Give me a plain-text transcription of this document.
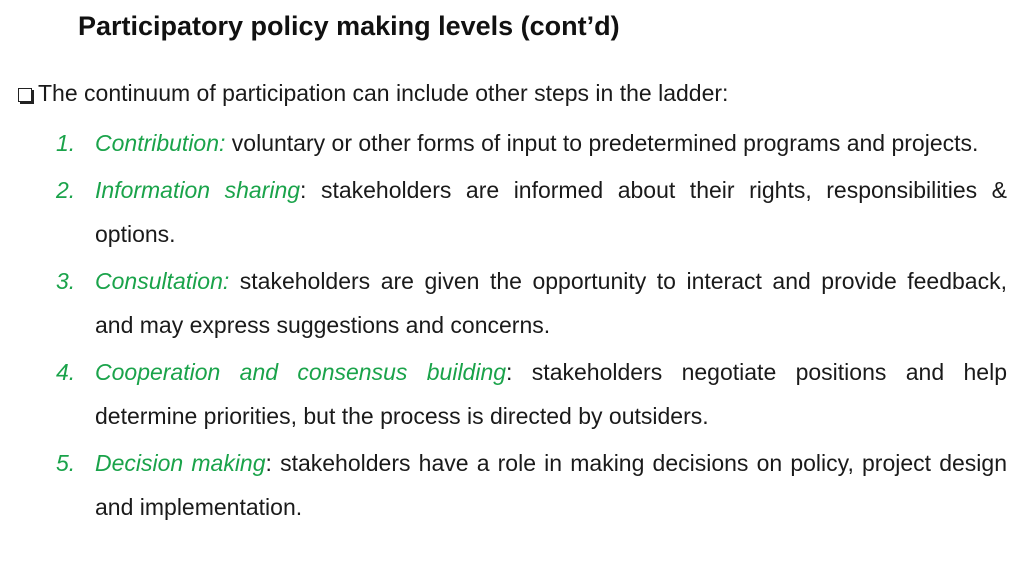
Participatory policy making levels (cont’d)
The continuum of participation can include other steps in the ladder:
1. Contribution: voluntary or other forms of input to predetermined programs and projects.
2. Information sharing: stakeholders are informed about their rights, responsibilities & options.
3. Consultation: stakeholders are given the opportunity to interact and provide feedback, and may express suggestions and concerns.
4. Cooperation and consensus building: stakeholders negotiate positions and help determine priorities, but the process is directed by outsiders.
5. Decision making: stakeholders have a role in making decisions on policy, project design and implementation.
